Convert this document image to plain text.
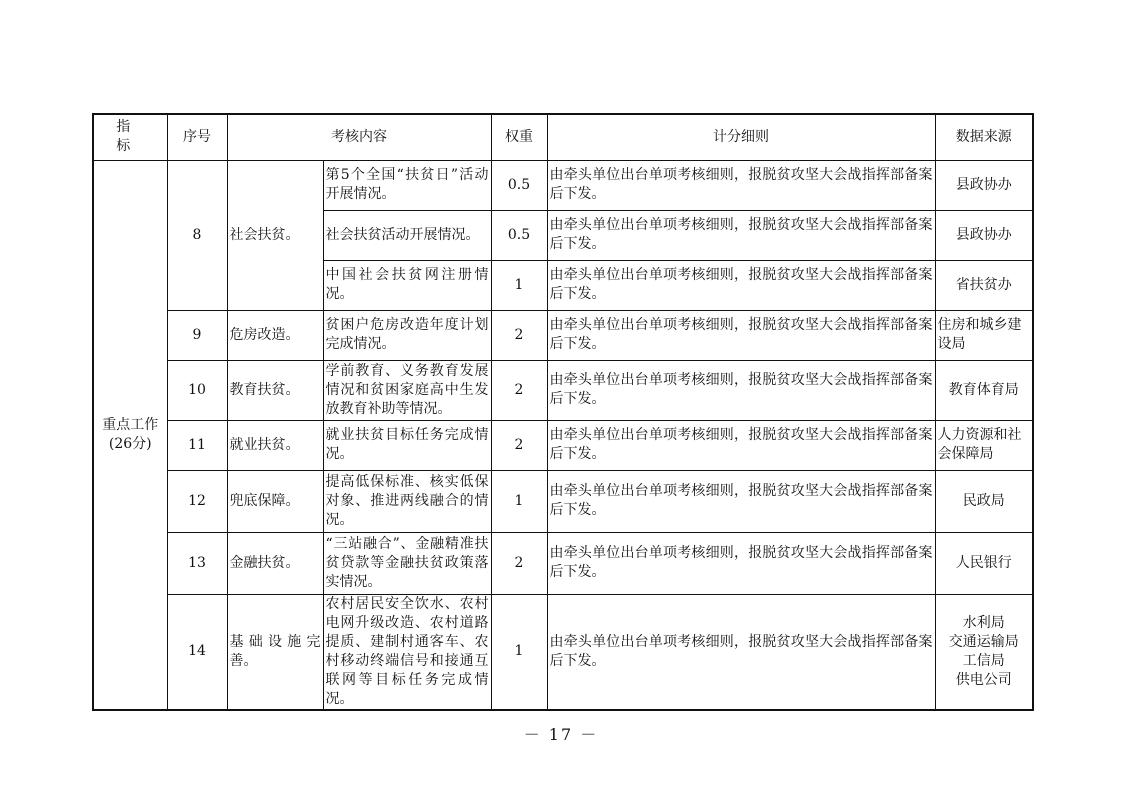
指 标	序号	考核内容		权重	计分细则	数据来源
重点工作
(26分)	8	社会扶贫。	第5个全国“扶贫日”活动开展情况。	0.5	由牵头单位出台单项考核细则，报脱贫攻坚大会战指挥部备案后下发。	县政协办

			社会扶贫活动开展情况。	0.5	由牵头单位出台单项考核细则，报脱贫攻坚大会战指挥部备案后下发。	县政协办

			中国社会扶贫网注册情况。	1	由牵头单位出台单项考核细则，报脱贫攻坚大会战指挥部备案后下发。	省扶贫办

	9	危房改造。	贫困户危房改造年度计划完成情况。	2	由牵头单位出台单项考核细则，报脱贫攻坚大会战指挥部备案后下发。	住房和城乡建设局

	10	教育扶贫。	学前教育、义务教育发展情况和贫困家庭高中生发放教育补助等情况。	2	由牵头单位出台单项考核细则，报脱贫攻坚大会战指挥部备案后下发。	教育体育局

	11	就业扶贫。	就业扶贫目标任务完成情况。	2	由牵头单位出台单项考核细则，报脱贫攻坚大会战指挥部备案后下发。	人力资源和社会保障局

	12	兜底保障。	提高低保标准、核实低保对象、推进两线融合的情况。	1	由牵头单位出台单项考核细则，报脱贫攻坚大会战指挥部备案后下发。	民政局

	13	金融扶贫。	“三站融合”、金融精准扶贫贷款等金融扶贫政策落实情况。	2	由牵头单位出台单项考核细则，报脱贫攻坚大会战指挥部备案后下发。	人民银行

	14	基础设施完善。	农村居民安全饮水、农村电网升级改造、农村道路提质、建制村通客车、农村移动终端信号和接通互联网等目标任务完成情况。	1	由牵头单位出台单项考核细则，报脱贫攻坚大会战指挥部备案后下发。	水利局
交通运输局
工信局
供电公司
－ 17 －
